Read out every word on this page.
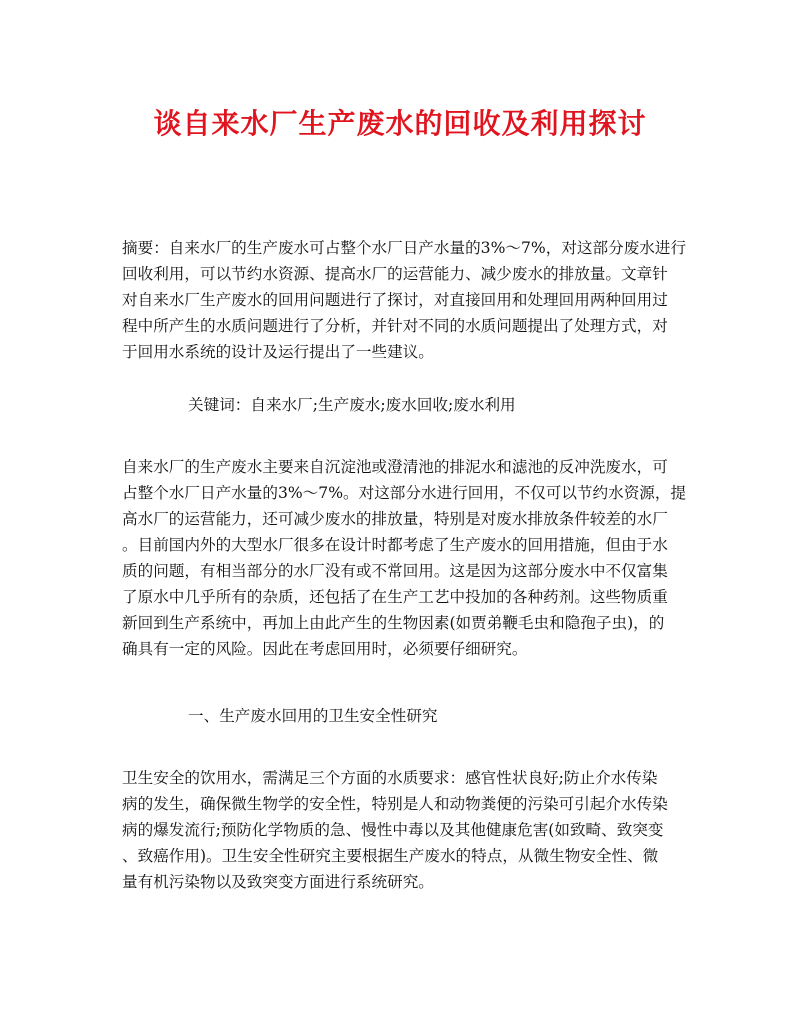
谈自来水厂生产废水的回收及利用探讨
摘要：自来水厂的生产废水可占整个水厂日产水量的3%～7%，对这部分废水进行
回收利用，可以节约水资源、提高水厂的运营能力、减少废水的排放量。文章针
对自来水厂生产废水的回用问题进行了探讨，对直接回用和处理回用两种回用过
程中所产生的水质问题进行了分析，并针对不同的水质问题提出了处理方式，对
于回用水系统的设计及运行提出了一些建议。
关键词：自来水厂;生产废水;废水回收;废水利用
自来水厂的生产废水主要来自沉淀池或澄清池的排泥水和滤池的反冲洗废水，可
占整个水厂日产水量的3%～7%。对这部分水进行回用，不仅可以节约水资源，提
高水厂的运营能力，还可减少废水的排放量，特别是对废水排放条件较差的水厂
。目前国内外的大型水厂很多在设计时都考虑了生产废水的回用措施，但由于水
质的问题，有相当部分的水厂没有或不常回用。这是因为这部分废水中不仅富集
了原水中几乎所有的杂质，还包括了在生产工艺中投加的各种药剂。这些物质重
新回到生产系统中，再加上由此产生的生物因素(如贾弟鞭毛虫和隐孢子虫)，的
确具有一定的风险。因此在考虑回用时，必须要仔细研究。
一、生产废水回用的卫生安全性研究
卫生安全的饮用水，需满足三个方面的水质要求：感官性状良好;防止介水传染
病的发生，确保微生物学的安全性，特别是人和动物粪便的污染可引起介水传染
病的爆发流行;预防化学物质的急、慢性中毒以及其他健康危害(如致畸、致突变
、致癌作用)。卫生安全性研究主要根据生产废水的特点，从微生物安全性、微
量有机污染物以及致突变方面进行系统研究。
